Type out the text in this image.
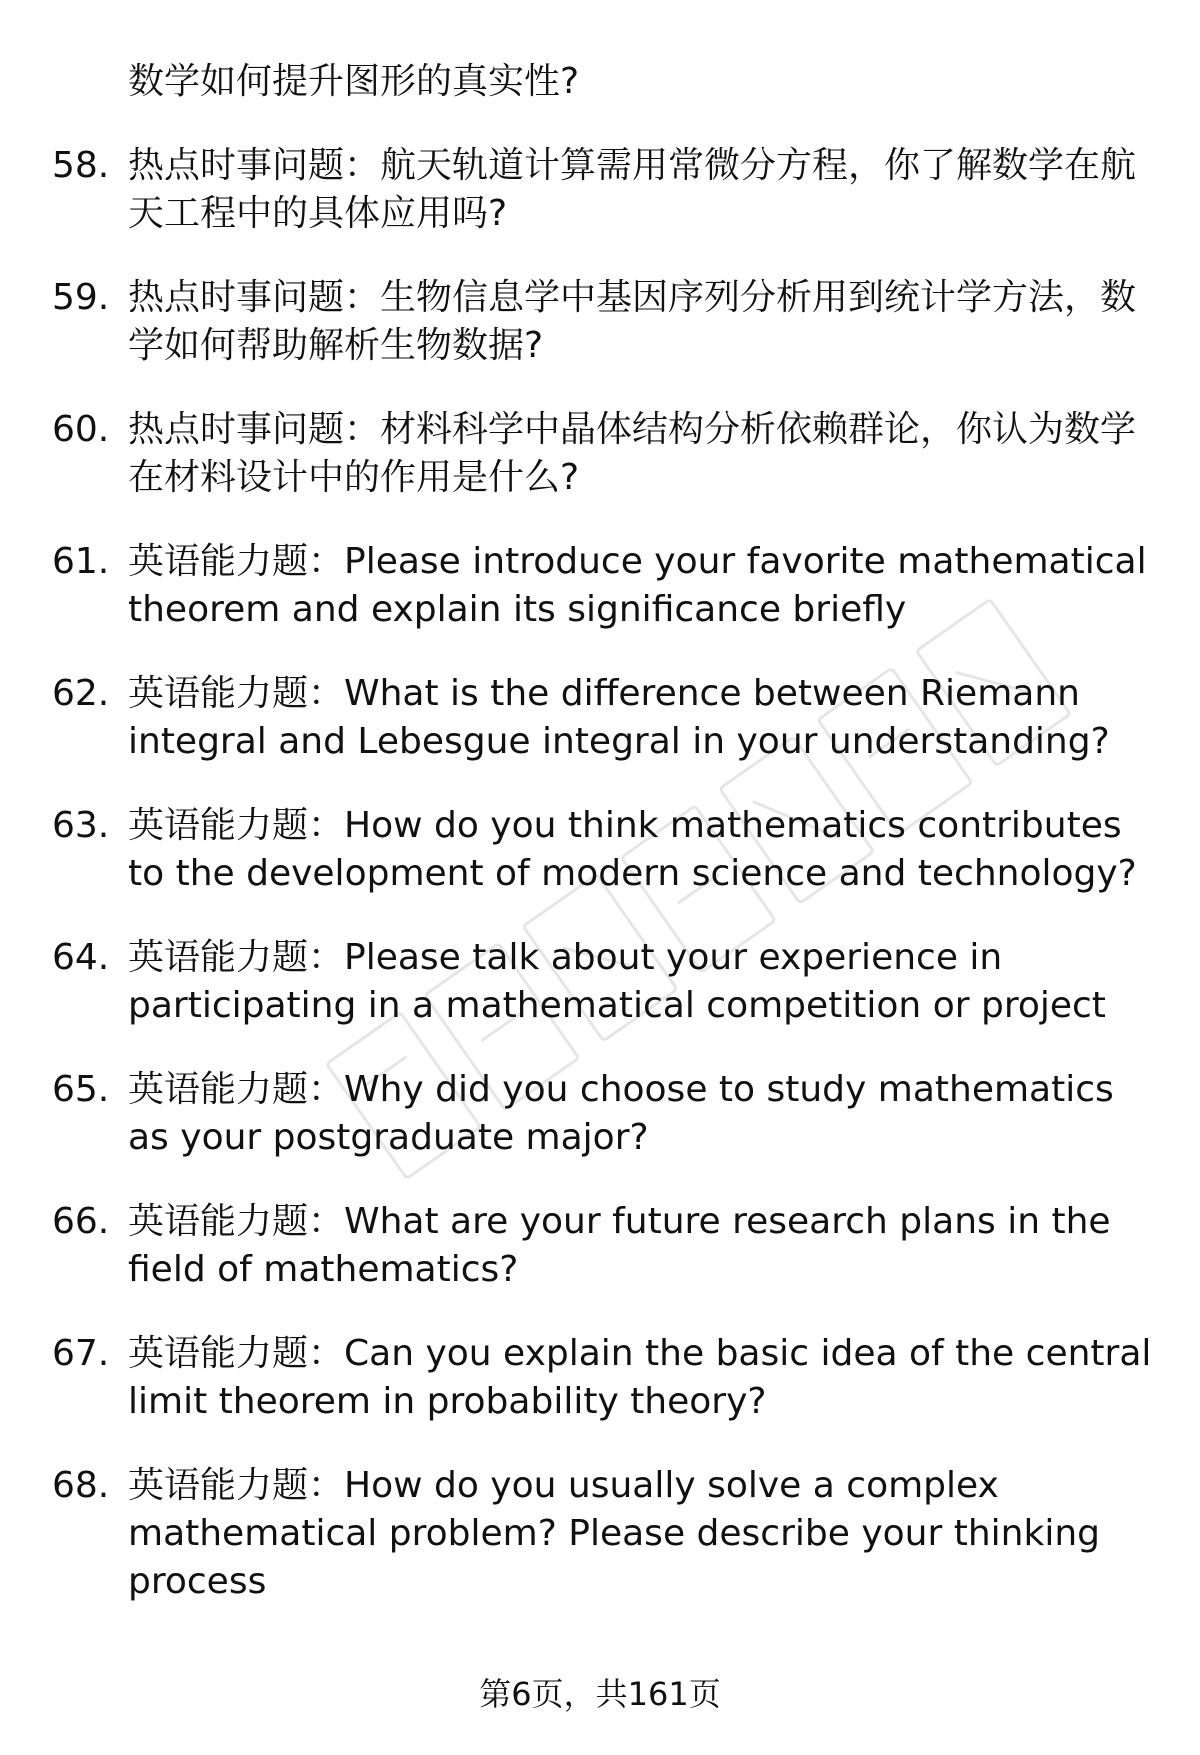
数学如何提升图形的真实性?

58. 热点时事问题：航天轨道计算需用常微分方程，你了解数学在航天工程中的具体应用吗?
59. 热点时事问题：生物信息学中基因序列分析用到统计学方法，数学如何帮助解析生物数据?
60. 热点时事问题：材料科学中晶体结构分析依赖群论，你认为数学在材料设计中的作用是什么?
61. 英语能力题：Please introduce your favorite mathematical theorem and explain its significance briefly
62. 英语能力题：What is the difference between Riemann integral and Lebesgue integral in your understanding?
63. 英语能力题：How do you think mathematics contributes to the development of modern science and technology?
64. 英语能力题：Please talk about your experience in participating in a mathematical competition or project
65. 英语能力题：Why did you choose to study mathematics as your postgraduate major?
66. 英语能力题：What are your future research plans in the field of mathematics?
67. 英语能力题：Can you explain the basic idea of the central limit theorem in probability theory?
68. 英语能力题：How do you usually solve a complex mathematical problem? Please describe your thinking process
第6页，共161页
